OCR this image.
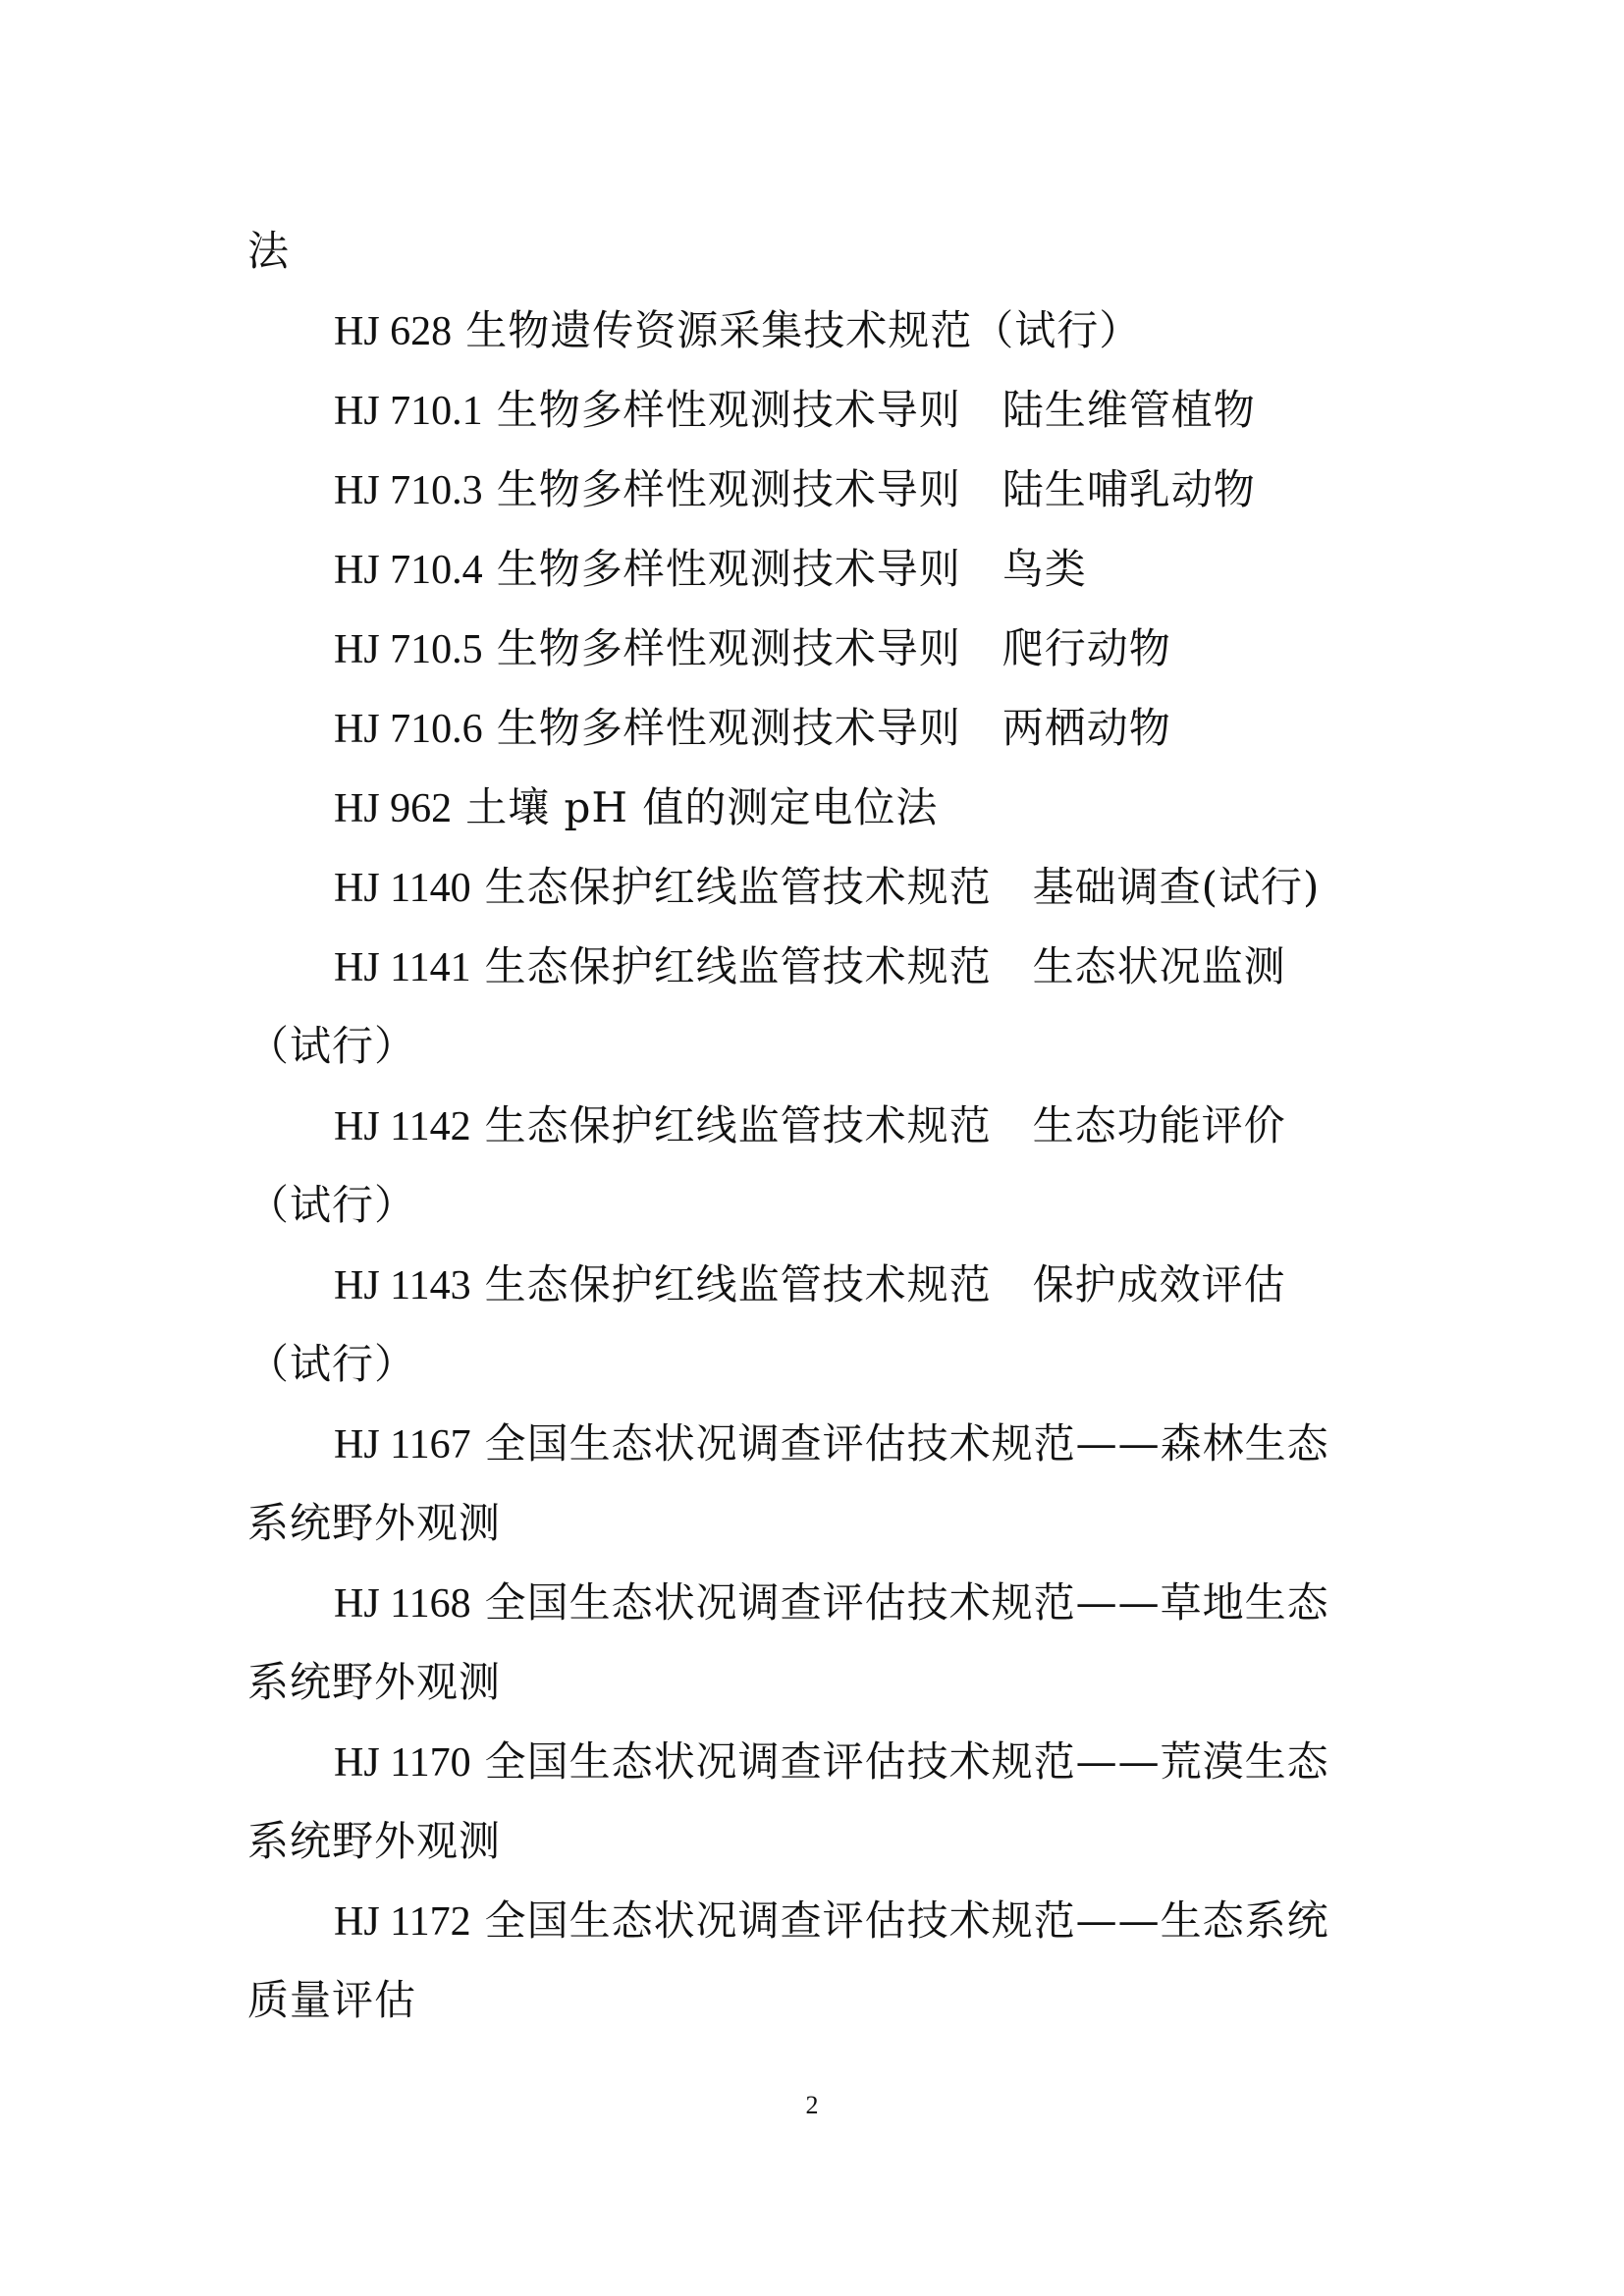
法
HJ 628 生物遗传资源采集技术规范（试行）
HJ 710.1 生物多样性观测技术导则 陆生维管植物
HJ 710.3 生物多样性观测技术导则 陆生哺乳动物
HJ 710.4 生物多样性观测技术导则 鸟类
HJ 710.5 生物多样性观测技术导则 爬行动物
HJ 710.6 生物多样性观测技术导则 两栖动物
HJ 962 土壤 pH 值的测定电位法
HJ 1140 生态保护红线监管技术规范 基础调查(试行)
HJ 1141 生态保护红线监管技术规范 生态状况监测
（试行）
HJ 1142 生态保护红线监管技术规范 生态功能评价
（试行）
HJ 1143 生态保护红线监管技术规范 保护成效评估
（试行）
HJ 1167 全国生态状况调查评估技术规范——森林生态
系统野外观测
HJ 1168 全国生态状况调查评估技术规范——草地生态
系统野外观测
HJ 1170 全国生态状况调查评估技术规范——荒漠生态
系统野外观测
HJ 1172 全国生态状况调查评估技术规范——生态系统
质量评估
2
